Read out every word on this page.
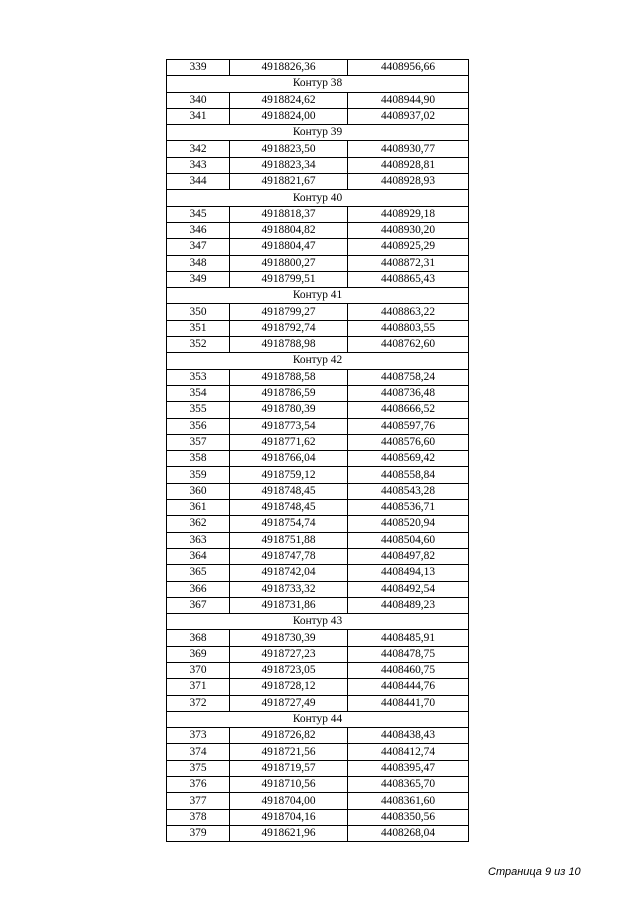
339	4918826,36	4408956,66
Контур 38		
340	4918824,62	4408944,90
341	4918824,00	4408937,02
Контур 39		
342	4918823,50	4408930,77
343	4918823,34	4408928,81
344	4918821,67	4408928,93
Контур 40		
345	4918818,37	4408929,18
346	4918804,82	4408930,20
347	4918804,47	4408925,29
348	4918800,27	4408872,31
349	4918799,51	4408865,43
Контур 41		
350	4918799,27	4408863,22
351	4918792,74	4408803,55
352	4918788,98	4408762,60
Контур 42		
353	4918788,58	4408758,24
354	4918786,59	4408736,48
355	4918780,39	4408666,52
356	4918773,54	4408597,76
357	4918771,62	4408576,60
358	4918766,04	4408569,42
359	4918759,12	4408558,84
360	4918748,45	4408543,28
361	4918748,45	4408536,71
362	4918754,74	4408520,94
363	4918751,88	4408504,60
364	4918747,78	4408497,82
365	4918742,04	4408494,13
366	4918733,32	4408492,54
367	4918731,86	4408489,23
Контур 43		
368	4918730,39	4408485,91
369	4918727,23	4408478,75
370	4918723,05	4408460,75
371	4918728,12	4408444,76
372	4918727,49	4408441,70
Контур 44		
373	4918726,82	4408438,43
374	4918721,56	4408412,74
375	4918719,57	4408395,47
376	4918710,56	4408365,70
377	4918704,00	4408361,60
378	4918704,16	4408350,56
379	4918621,96	4408268,04
Страница 9 из 10
